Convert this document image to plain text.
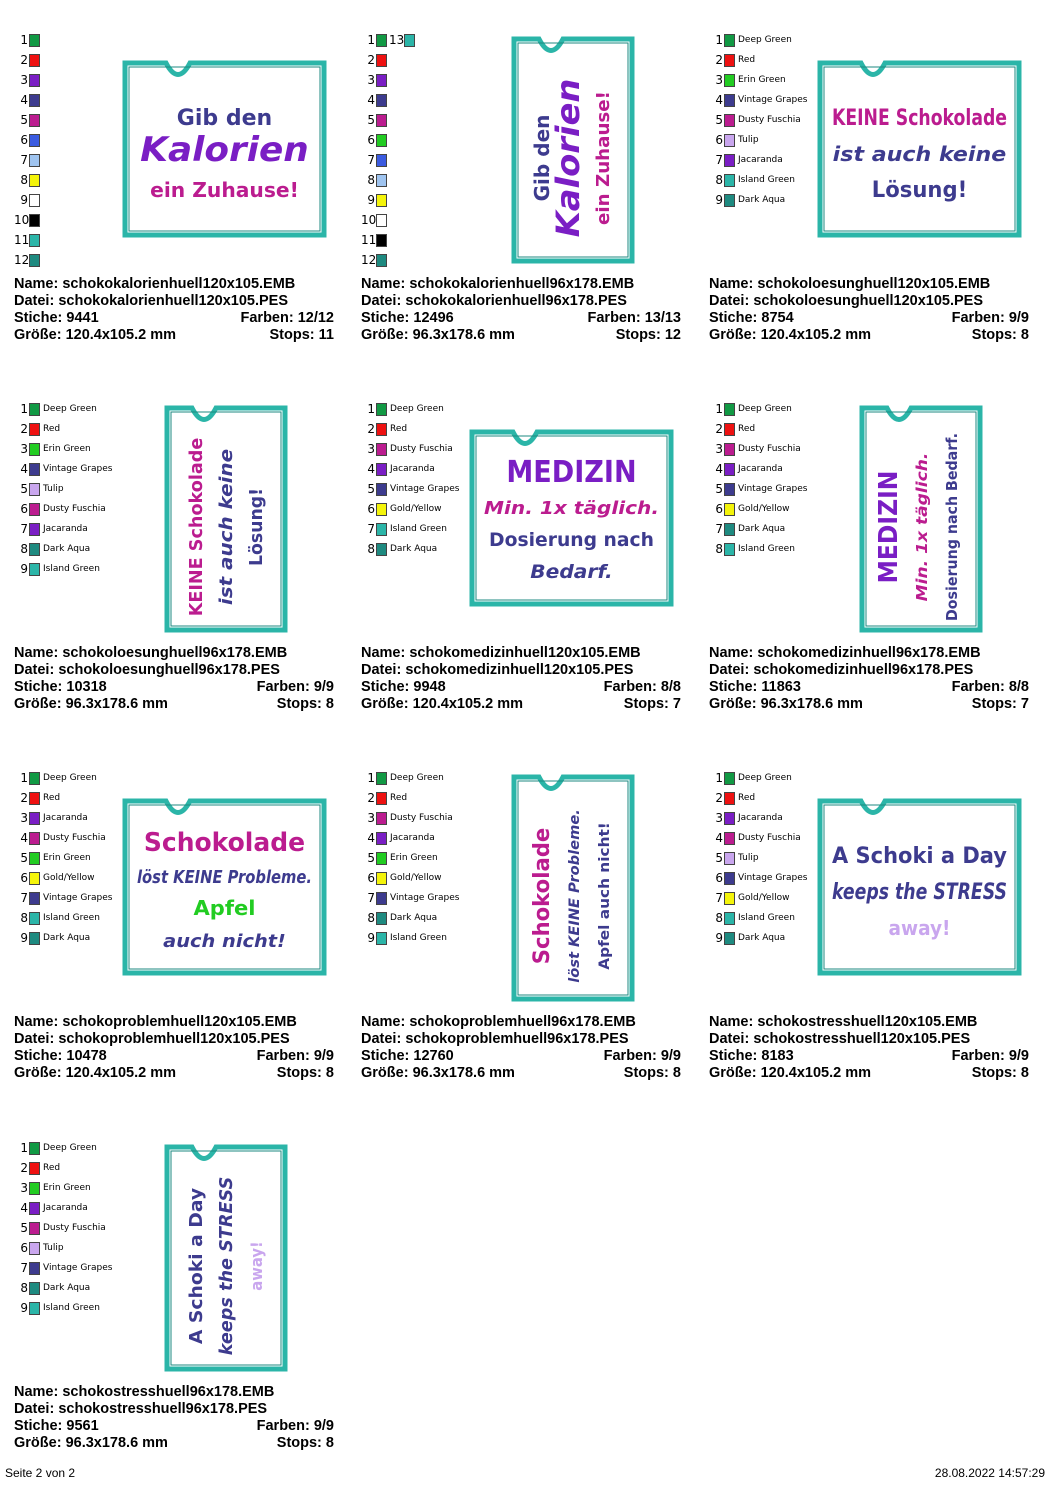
1
2
3
4
5
6
7
8
9
10
11
12
Gib den
Kalorien
ein Zuhause!
Name: schokokalorienhuell120x105.EMB
Datei: schokokalorienhuell120x105.PES
Stiche: 9441	Farben: 12/12
Größe: 120.4x105.2 mm	Stops: 11
1 13
2
3
4
5
6
7
8
9
10
11
12
Gib den
Kalorien ein Zuhause!
Name: schokokalorienhuell96x178.EMB
Datei: schokokalorienhuell96x178.PES
Stiche: 12496	Farben: 13/13
Größe: 96.3x178.6 mm	Stops: 12
1 Deep Green
2 Red
3 Erin Green
4 Vintage Grapes
5 Dusty Fuschia
6 Tulip
7 Jacaranda
8 Island Green
9 Dark Aqua
KEINE Schokolade
ist auch keine
Lösung!
Name: schokoloesunghuell120x105.EMB
Datei: schokoloesunghuell120x105.PES
Stiche: 8754	Farben: 9/9
Größe: 120.4x105.2 mm	Stops: 8
1 Deep Green
2 Red
3 Erin Green
4 Vintage Grapes
5 Tulip
6 Dusty Fuschia
7 Jacaranda
8 Dark Aqua
9 Island Green	KEINE Schokolade ist auch keine Lösung!
Name: schokoloesunghuell96x178.EMB
Datei: schokoloesunghuell96x178.PES
Stiche: 10318	Farben: 9/9
Größe: 96.3x178.6 mm	Stops: 8
1 Deep Green
2 Red
3 Dusty Fuschia
4 Jacaranda
5 Vintage Grapes
6 Gold/Yellow
7 Island Green
8 Dark Aqua
MEDIZIN
Min. 1x täglich.
Dosierung nach
Bedarf.
Name: schokomedizinhuell120x105.EMB
Datei: schokomedizinhuell120x105.PES
Stiche: 9948	Farben: 8/8
Größe: 120.4x105.2 mm	Stops: 7
1 Deep Green
2 Red
3 Dusty Fuschia
4 Jacaranda
5 Vintage Grapes
6 Gold/Yellow
7 Dark Aqua
8 Island Green	MEDIZIN Min. 1x täglich. Dosierung nach Bedarf.
Name: schokomedizinhuell96x178.EMB
Datei: schokomedizinhuell96x178.PES
Stiche: 11863	Farben: 8/8
Größe: 96.3x178.6 mm	Stops: 7
1 Deep Green
2 Red
3 Jacaranda
4 Dusty Fuschia
5 Erin Green
6 Gold/Yellow
7 Vintage Grapes
8 Island Green
9 Dark Aqua
Schokolade
löst KEINE Probleme.
Apfel
auch nicht!
Name: schokoproblemhuell120x105.EMB
Datei: schokoproblemhuell120x105.PES
Stiche: 10478	Farben: 9/9
Größe: 120.4x105.2 mm	Stops: 8
1 Deep Green
2 Red
3 Dusty Fuschia
4 Jacaranda
5 Erin Green
6 Gold/Yellow
7 Vintage Grapes
8 Dark Aqua
9 Island Green	Schokolade löst KEINE Probleme. Apfel auch nicht!
Name: schokoproblemhuell96x178.EMB
Datei: schokoproblemhuell96x178.PES
Stiche: 12760	Farben: 9/9
Größe: 96.3x178.6 mm	Stops: 8
1 Deep Green
2 Red
3 Jacaranda
4 Dusty Fuschia
5 Tulip
6 Vintage Grapes
7 Gold/Yellow
8 Island Green
9 Dark Aqua
A Schoki a Day
keeps the STRESS
away!
Name: schokostresshuell120x105.EMB
Datei: schokostresshuell120x105.PES
Stiche: 8183	Farben: 9/9
Größe: 120.4x105.2 mm	Stops: 8
1 Deep Green
2 Red
3 Erin Green
4 Jacaranda
5 Dusty Fuschia
6 Tulip
7 Vintage Grapes
8 Dark Aqua
9 Island Green	A Schoki a Day keeps the STRESS away!
Name: schokostresshuell96x178.EMB
Datei: schokostresshuell96x178.PES
Stiche: 9561	Farben: 9/9
Größe: 96.3x178.6 mm	Stops: 8
Seite 2 von 2	28.08.2022 14:57:29
